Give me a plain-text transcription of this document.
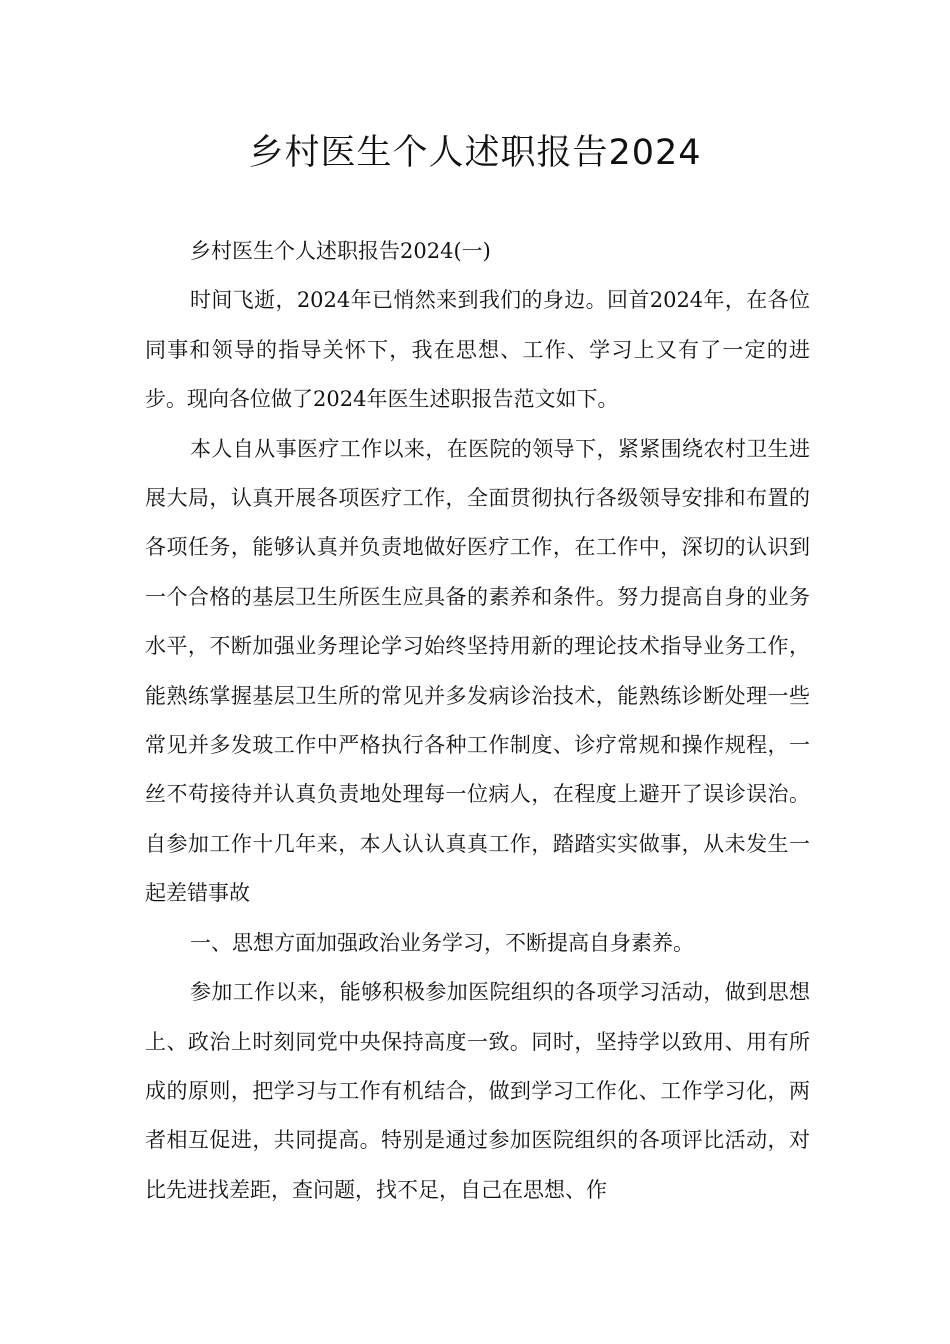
乡村医生个人述职报告2024

乡村医生个人述职报告2024(一)

时间飞逝，2024年已悄然来到我们的身边。回首2024年，在各位同事和领导的指导关怀下，我在思想、工作、学习上又有了一定的进步。现向各位做了2024年医生述职报告范文如下。

本人自从事医疗工作以来，在医院的领导下，紧紧围绕农村卫生进展大局，认真开展各项医疗工作，全面贯彻执行各级领导安排和布置的各项任务，能够认真并负责地做好医疗工作，在工作中，深切的认识到一个合格的基层卫生所医生应具备的素养和条件。努力提高自身的业务水平，不断加强业务理论学习始终坚持用新的理论技术指导业务工作，能熟练掌握基层卫生所的常见并多发病诊治技术，能熟练诊断处理一些常见并多发玻工作中严格执行各种工作制度、诊疗常规和操作规程，一丝不苟接待并认真负责地处理每一位病人，在程度上避开了误诊误治。自参加工作十几年来，本人认认真真工作，踏踏实实做事，从未发生一起差错事故

一、思想方面加强政治业务学习，不断提高自身素养。

参加工作以来，能够积极参加医院组织的各项学习活动，做到思想上、政治上时刻同党中央保持高度一致。同时，坚持学以致用、用有所成的原则，把学习与工作有机结合，做到学习工作化、工作学习化，两者相互促进，共同提高。特别是通过参加医院组织的各项评比活动，对比先进找差距，查问题，找不足，自己在思想、作
